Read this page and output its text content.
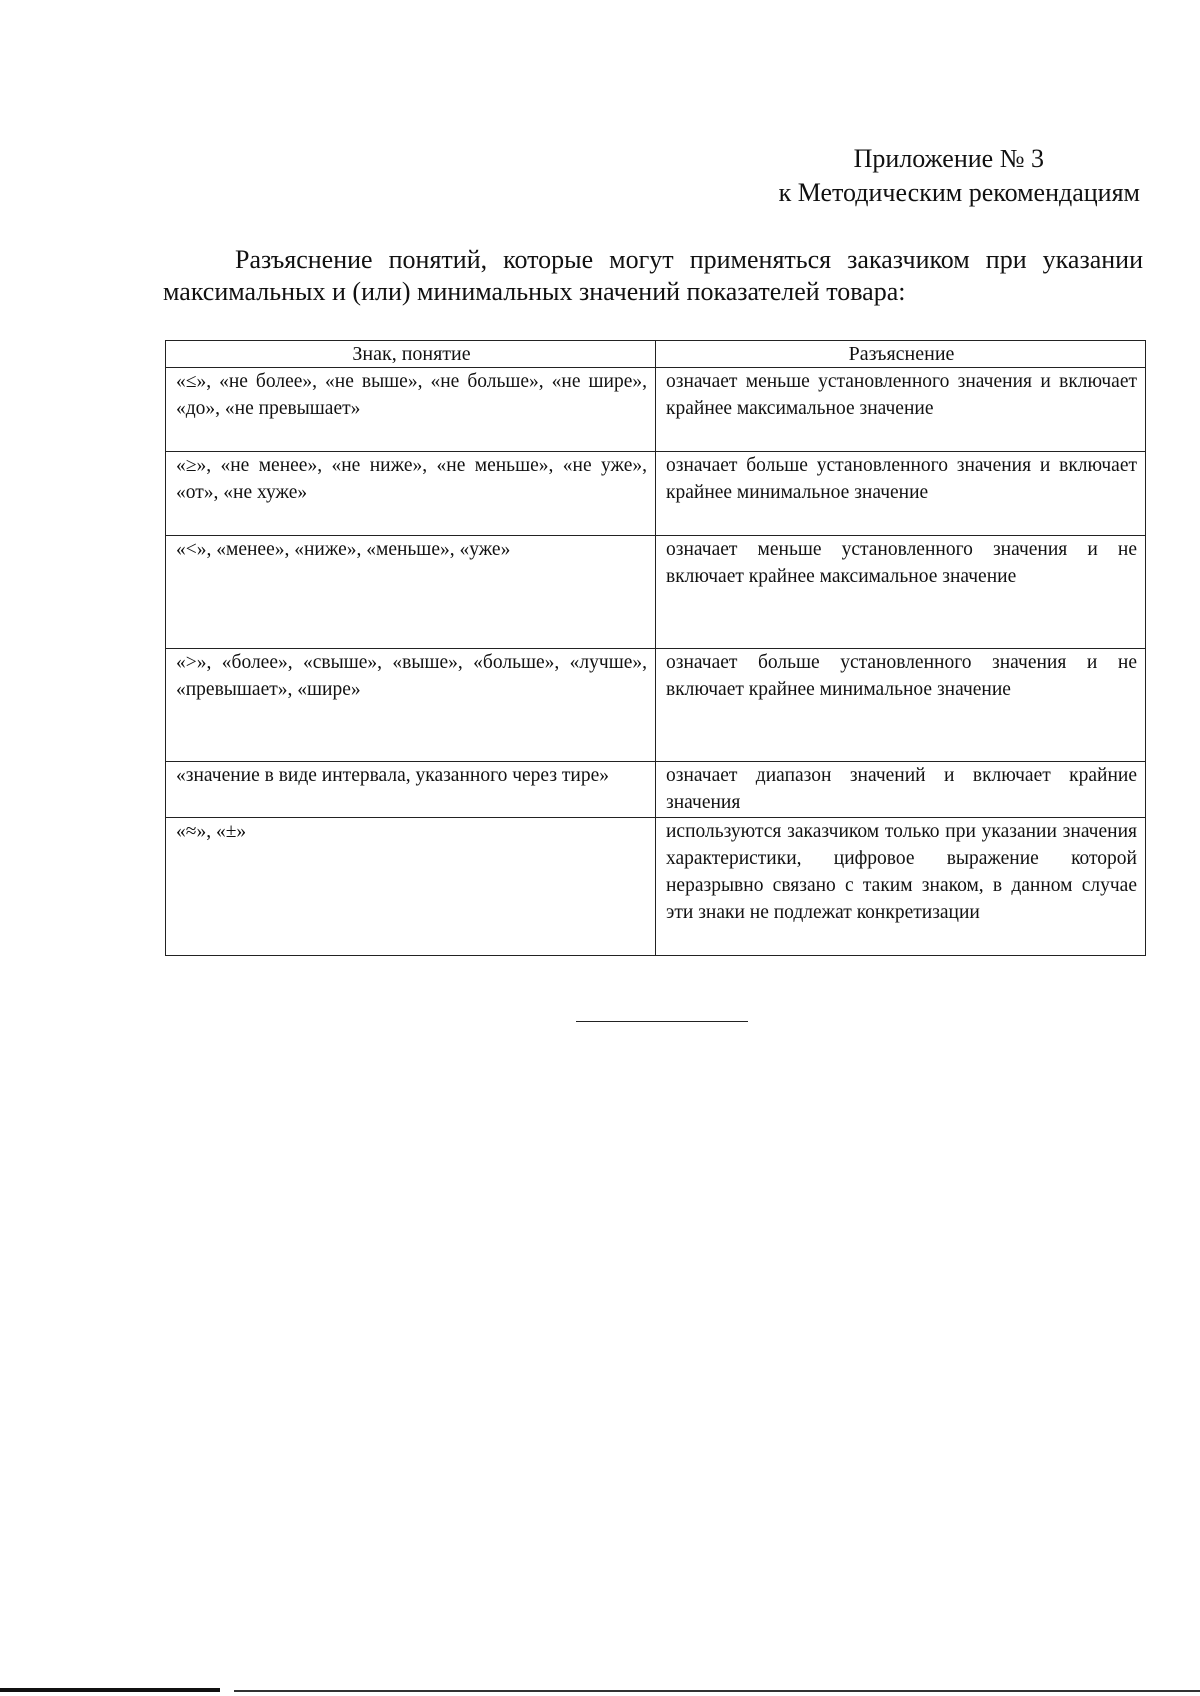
Приложение № 3
к Методическим рекомендациям

Разъяснение понятий, которые могут применяться заказчиком при указании максимальных и (или) минимальных значений показателей товара:

Знак, понятие	Разъяснение
«≤», «не более», «не выше», «не больше», «не шире», «до», «не превышает»	означает меньше установленного значения и включает крайнее максимальное значение
«≥», «не менее», «не ниже», «не меньше», «не уже», «от», «не хуже»	означает больше установленного значения и включает крайнее минимальное значение
«<», «менее», «ниже», «меньше», «уже»	означает меньше установленного значения и не включает крайнее максимальное значение
«>», «более», «свыше», «выше», «больше», «лучше», «превышает», «шире»	означает больше установленного значения и не включает крайнее минимальное значение
«значение в виде интервала, указанного через тире»	означает диапазон значений и включает крайние значения
«≈», «±»	используются заказчиком только при указании значения характеристики, цифровое выражение которой неразрывно связано с таким знаком, в данном случае эти знаки не подлежат конкретизации
